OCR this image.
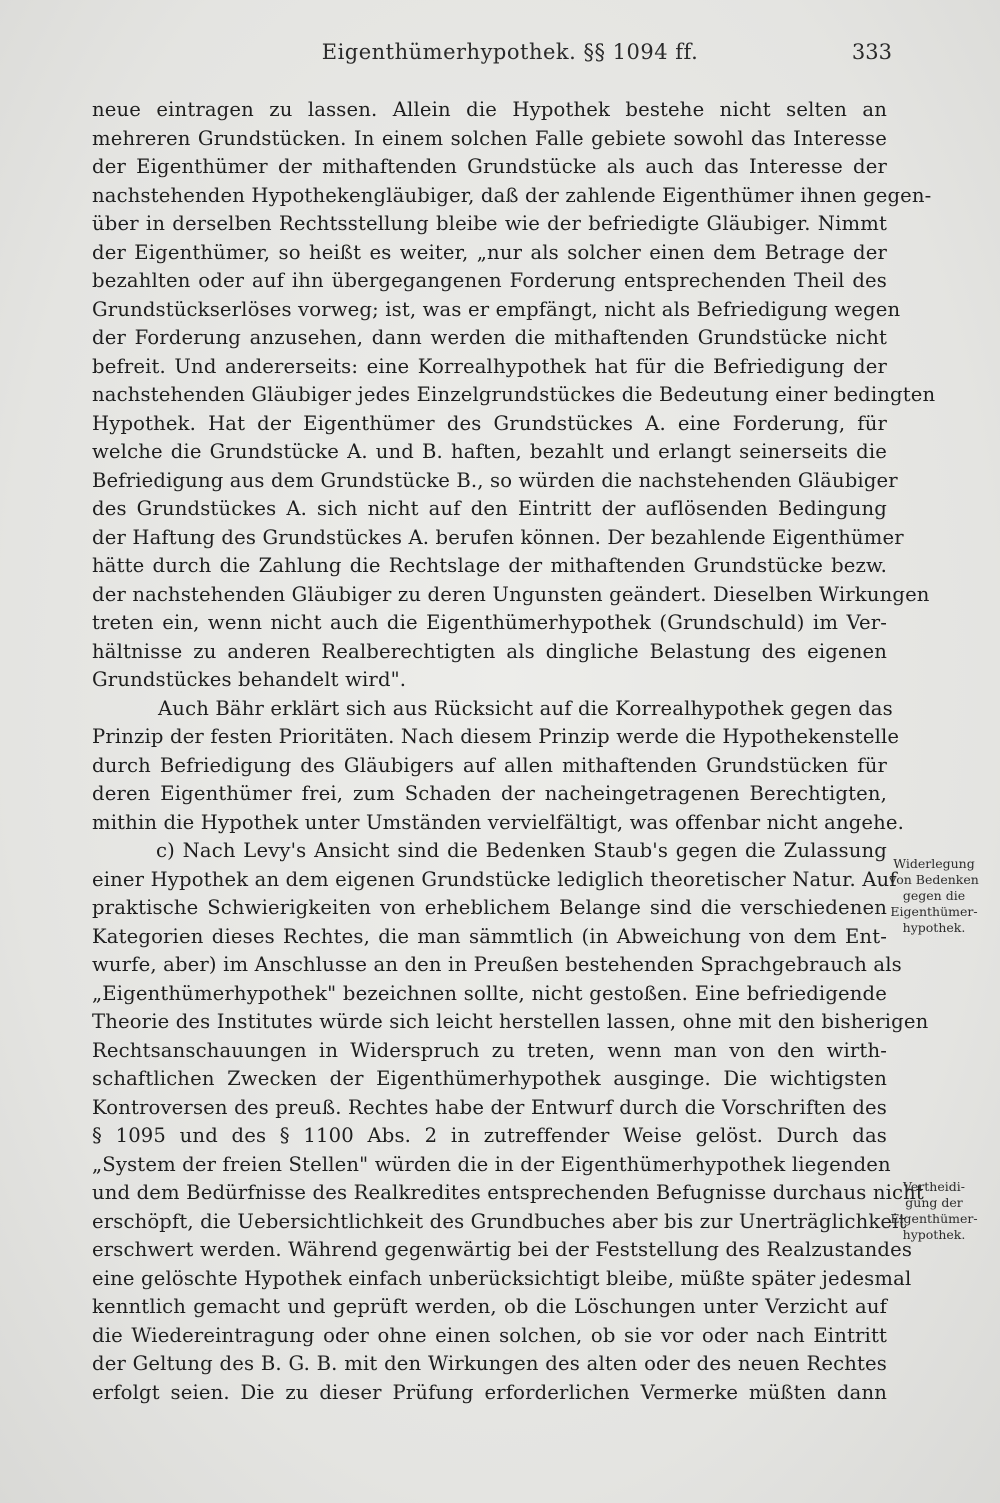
Eigenthümerhypothek. §§ 1094 ff.	333
neue eintragen zu lassen. Allein die Hypothek bestehe nicht selten an
mehreren Grundstücken. In einem solchen Falle gebiete sowohl das Interesse
der Eigenthümer der mithaftenden Grundstücke als auch das Interesse der
nachstehenden Hypothekengläubiger, daß der zahlende Eigenthümer ihnen gegen-
über in derselben Rechtsstellung bleibe wie der befriedigte Gläubiger. Nimmt
der Eigenthümer, so heißt es weiter, „nur als solcher einen dem Betrage der
bezahlten oder auf ihn übergegangenen Forderung entsprechenden Theil des
Grundstückserlöses vorweg; ist, was er empfängt, nicht als Befriedigung wegen
der Forderung anzusehen, dann werden die mithaftenden Grundstücke nicht
befreit. Und andererseits: eine Korrealhypothek hat für die Befriedigung der
nachstehenden Gläubiger jedes Einzelgrundstückes die Bedeutung einer bedingten
Hypothek. Hat der Eigenthümer des Grundstückes A. eine Forderung, für
welche die Grundstücke A. und B. haften, bezahlt und erlangt seinerseits die
Befriedigung aus dem Grundstücke B., so würden die nachstehenden Gläubiger
des Grundstückes A. sich nicht auf den Eintritt der auflösenden Bedingung
der Haftung des Grundstückes A. berufen können. Der bezahlende Eigenthümer
hätte durch die Zahlung die Rechtslage der mithaftenden Grundstücke bezw.
der nachstehenden Gläubiger zu deren Ungunsten geändert. Dieselben Wirkungen
treten ein, wenn nicht auch die Eigenthümerhypothek (Grundschuld) im Ver-
hältnisse zu anderen Realberechtigten als dingliche Belastung des eigenen
Grundstückes behandelt wird".
Auch Bähr erklärt sich aus Rücksicht auf die Korrealhypothek gegen das
Prinzip der festen Prioritäten. Nach diesem Prinzip werde die Hypothekenstelle
durch Befriedigung des Gläubigers auf allen mithaftenden Grundstücken für
deren Eigenthümer frei, zum Schaden der nacheingetragenen Berechtigten,
mithin die Hypothek unter Umständen vervielfältigt, was offenbar nicht angehe.
c) Nach Levy's Ansicht sind die Bedenken Staub's gegen die Zulassung
einer Hypothek an dem eigenen Grundstücke lediglich theoretischer Natur. Auf
praktische Schwierigkeiten von erheblichem Belange sind die verschiedenen
Kategorien dieses Rechtes, die man sämmtlich (in Abweichung von dem Ent-
wurfe, aber) im Anschlusse an den in Preußen bestehenden Sprachgebrauch als
„Eigenthümerhypothek" bezeichnen sollte, nicht gestoßen. Eine befriedigende
Theorie des Institutes würde sich leicht herstellen lassen, ohne mit den bisherigen
Rechtsanschauungen in Widerspruch zu treten, wenn man von den wirth-
schaftlichen Zwecken der Eigenthümerhypothek ausginge. Die wichtigsten
Kontroversen des preuß. Rechtes habe der Entwurf durch die Vorschriften des
§ 1095 und des § 1100 Abs. 2 in zutreffender Weise gelöst. Durch das
„System der freien Stellen" würden die in der Eigenthümerhypothek liegenden
und dem Bedürfnisse des Realkredites entsprechenden Befugnisse durchaus nicht
erschöpft, die Uebersichtlichkeit des Grundbuches aber bis zur Unerträglichkeit
erschwert werden. Während gegenwärtig bei der Feststellung des Realzustandes
eine gelöschte Hypothek einfach unberücksichtigt bleibe, müßte später jedesmal
kenntlich gemacht und geprüft werden, ob die Löschungen unter Verzicht auf
die Wiedereintragung oder ohne einen solchen, ob sie vor oder nach Eintritt
der Geltung des B. G. B. mit den Wirkungen des alten oder des neuen Rechtes
erfolgt seien. Die zu dieser Prüfung erforderlichen Vermerke müßten dann
Widerlegung
von Bedenken
gegen die
Eigenthümer-
hypothek.
Vertheidi-
gung der
Eigenthümer-
hypothek.
